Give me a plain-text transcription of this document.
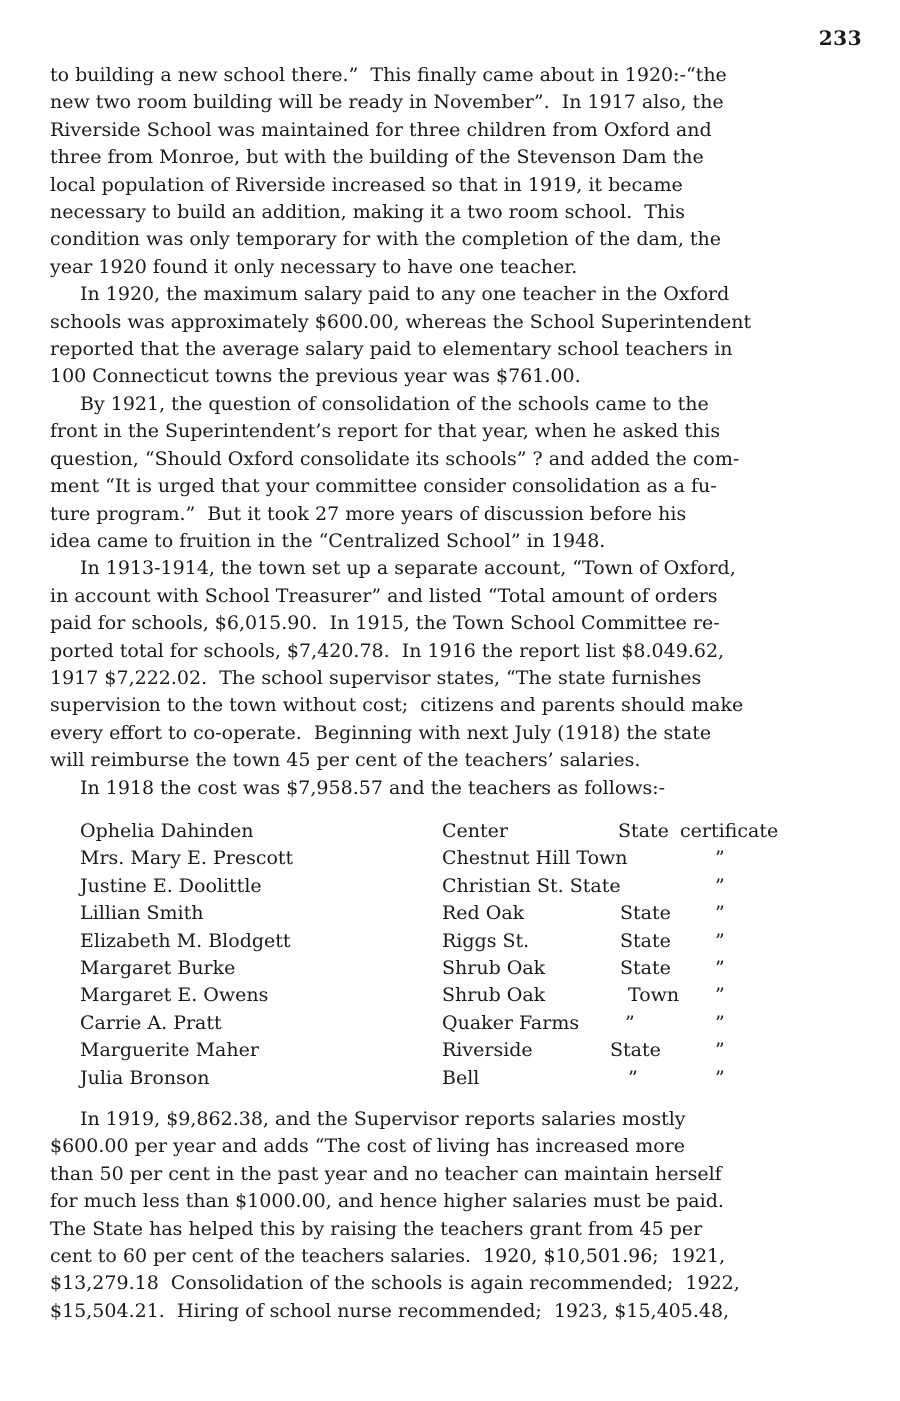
233

to building a new school there.”  This finally came about in 1920:-“the
new two room building will be ready in November”.  In 1917 also, the
Riverside School was maintained for three children from Oxford and
three from Monroe, but with the building of the Stevenson Dam the
local population of Riverside increased so that in 1919, it became
necessary to build an addition, making it a two room school.  This
condition was only temporary for with the completion of the dam, the
year 1920 found it only necessary to have one teacher.

In 1920, the maximum salary paid to any one teacher in the Oxford
schools was approximately $600.00, whereas the School Superintendent
reported that the average salary paid to elementary school teachers in
100 Connecticut towns the previous year was $761.00.

By 1921, the question of consolidation of the schools came to the
front in the Superintendent’s report for that year, when he asked this
question, “Should Oxford consolidate its schools” ? and added the com-
ment “It is urged that your committee consider consolidation as a fu-
ture program.”  But it took 27 more years of discussion before his
idea came to fruition in the “Centralized School” in 1948.

In 1913-1914, the town set up a separate account, “Town of Oxford,
in account with School Treasurer” and listed “Total amount of orders
paid for schools, $6,015.90.  In 1915, the Town School Committee re-
ported total for schools, $7,420.78.  In 1916 the report list $8.049.62,
1917 $7,222.02.  The school supervisor states, “The state furnishes
supervision to the town without cost;  citizens and parents should make
every effort to co-operate.  Beginning with next July (1918) the state
will reimburse the town 45 per cent of the teachers’ salaries.

In 1918 the cost was $7,958.57 and the teachers as follows:-

Ophelia Dahinden	Center	State certificate
Mrs. Mary E. Prescott	Chestnut Hill Town	”
Justine E. Doolittle	Christian St. State	”
Lillian Smith	Red Oak	State ”
Elizabeth M. Blodgett	Riggs St.	State ”
Margaret Burke	Shrub Oak	State ”
Margaret E. Owens	Shrub Oak	Town ”
Carrie A. Pratt	Quaker Farms ”	”
Marguerite Maher	Riverside	State	”
Julia Bronson	Bell	”	”
In 1919, $9,862.38, and the Supervisor reports salaries mostly
$600.00 per year and adds “The cost of living has increased more
than 50 per cent in the past year and no teacher can maintain herself
for much less than $1000.00, and hence higher salaries must be paid.
The State has helped this by raising the teachers grant from 45 per
cent to 60 per cent of the teachers salaries.  1920, $10,501.96;  1921,
$13,279.18  Consolidation of the schools is again recommended;  1922,
$15,504.21.  Hiring of school nurse recommended;  1923, $15,405.48,
